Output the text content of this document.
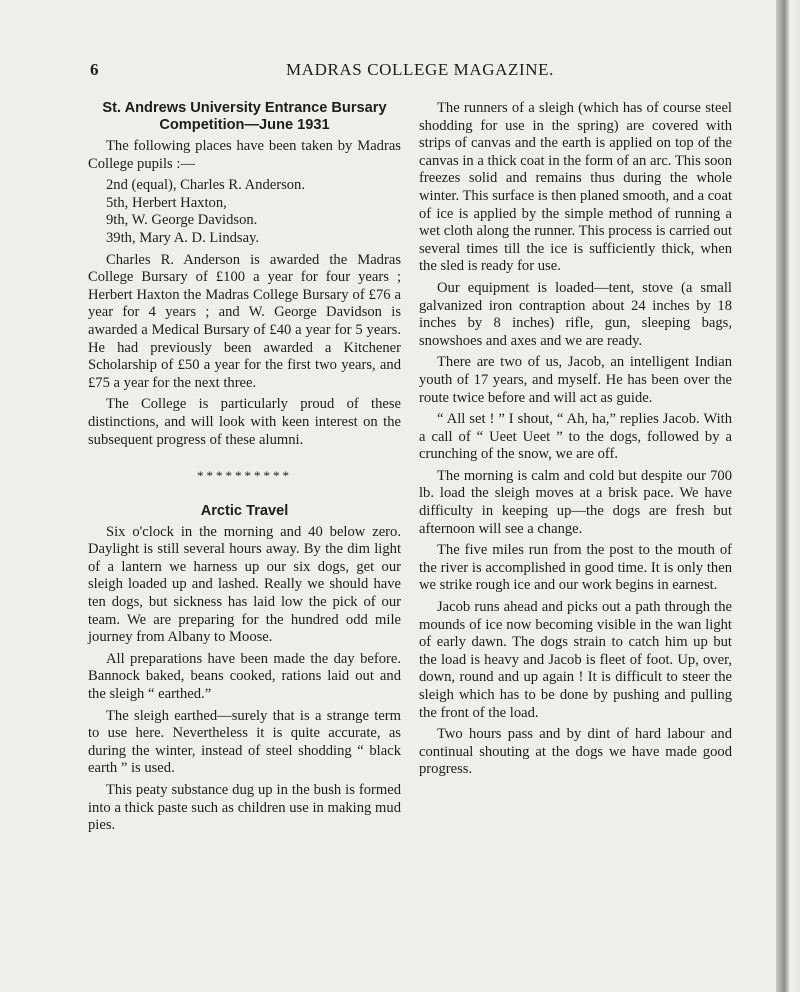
6	MADRAS COLLEGE MAGAZINE.
St. Andrews University Entrance Bursary Competition—June 1931

The following places have been taken by Madras College pupils :—

2nd (equal), Charles R. Anderson.
5th, Herbert Haxton,
9th, W. George Davidson.
39th, Mary A. D. Lindsay.

Charles R. Anderson is awarded the Madras College Bursary of £100 a year for four years ; Herbert Haxton the Madras College Bursary of £76 a year for 4 years ; and W. George Davidson is awarded a Medical Bursary of £40 a year for 5 years. He had previously been awarded a Kitchener Scholarship of £50 a year for the first two years, and £75 a year for the next three.

The College is particularly proud of these distinctions, and will look with keen interest on the subsequent progress of these alumni.

**********
Arctic Travel

Six o'clock in the morning and 40 below zero. Daylight is still several hours away. By the dim light of a lantern we harness up our six dogs, get our sleigh loaded up and lashed. Really we should have ten dogs, but sickness has laid low the pick of our team. We are preparing for the hundred odd mile journey from Albany to Moose.

All preparations have been made the day before. Bannock baked, beans cooked, rations laid out and the sleigh “ earthed.”

The sleigh earthed—surely that is a strange term to use here. Nevertheless it is quite accurate, as during the winter, instead of steel shodding “ black earth ” is used.

This peaty substance dug up in the bush is formed into a thick paste such as children use in making mud pies.

The runners of a sleigh (which has of course steel shodding for use in the spring) are covered with strips of canvas and the earth is applied on top of the canvas in a thick coat in the form of an arc. This soon freezes solid and remains thus during the whole winter. This surface is then planed smooth, and a coat of ice is applied by the simple method of running a wet cloth along the runner. This process is carried out several times till the ice is sufficiently thick, when the sled is ready for use.

Our equipment is loaded—tent, stove (a small galvanized iron contraption about 24 inches by 18 inches by 8 inches) rifle, gun, sleeping bags, snowshoes and axes and we are ready.

There are two of us, Jacob, an intelligent Indian youth of 17 years, and myself. He has been over the route twice before and will act as guide.

“ All set ! ” I shout, “ Ah, ha,” replies Jacob. With a call of “ Ueet Ueet ” to the dogs, followed by a crunching of the snow, we are off.

The morning is calm and cold but despite our 700 lb. load the sleigh moves at a brisk pace. We have difficulty in keeping up—the dogs are fresh but afternoon will see a change.

The five miles run from the post to the mouth of the river is accomplished in good time. It is only then we strike rough ice and our work begins in earnest.

Jacob runs ahead and picks out a path through the mounds of ice now becoming visible in the wan light of early dawn. The dogs strain to catch him up but the load is heavy and Jacob is fleet of foot. Up, over, down, round and up again ! It is difficult to steer the sleigh which has to be done by pushing and pulling the front of the load.

Two hours pass and by dint of hard labour and continual shouting at the dogs we have made good progress.
